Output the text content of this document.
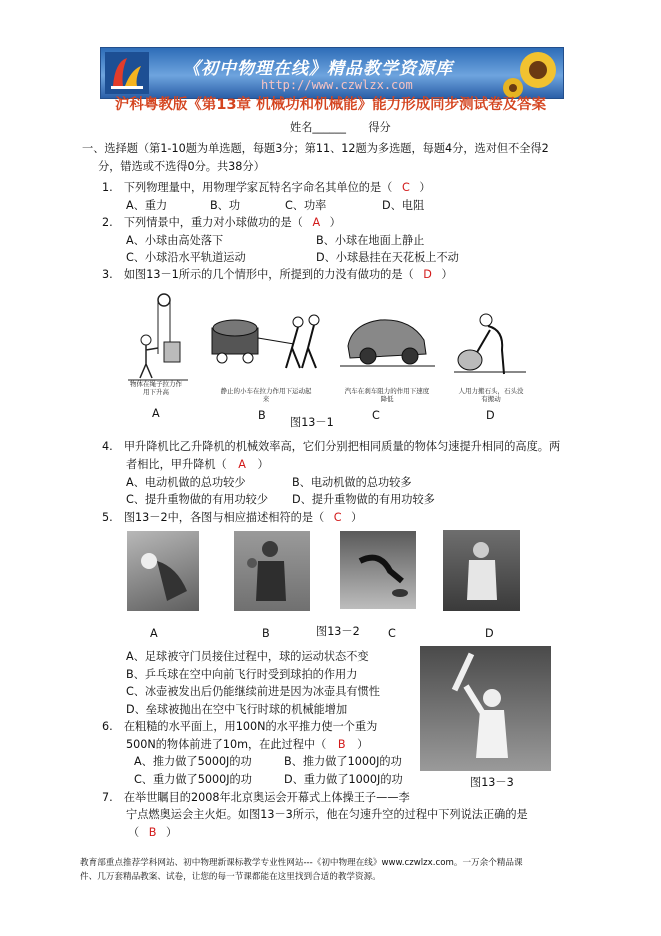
《初中物理在线》精品教学资源库
http://www.czwlzx.com
沪科粤教版《第13章 机械功和机械能》能力形成同步测试卷及答案
姓名______　　得分
一、选择题（第1-10题为单选题，每题3分；第11、12题为多选题，每题4分，选对但不全得2
分，错选或不选得0分。共38分）
1.　下列物理量中，用物理学家瓦特名字命名其单位的是（ C ）
A、重力	B、功	C、功率	D、电阻
2.　下列情景中，重力对小球做功的是（ A ）
A、小球由高处落下	B、小球在地面上静止
C、小球沿水平轨道运动	D、小球悬挂在天花板上不动
3.　如图13－1所示的几个情形中，所提到的力没有做功的是（ D ）
物体在绳子拉力作用下升高	静止的小车在拉力作用下运动起来
汽车在刹车阻力的作用下速度降低
人用力搬石头，石头没有搬动
A	B
图13－1
C	D
4.　甲升降机比乙升降机的机械效率高，它们分别把相同质量的物体匀速提升相同的高度。两
者相比，甲升降机（ A ）
A、电动机做的总功较少	B、电动机做的总功较多
C、提升重物做的有用功较少 D、提升重物做的有用功较多
5.　图13－2中，各图与相应描述相符的是（ C ）
A	B	图13－2	C	D
A、足球被守门员接住过程中，球的运动状态不变
B、乒乓球在空中向前飞行时受到球拍的作用力
C、冰壶被发出后仍能继续前进是因为冰壶具有惯性
D、垒球被抛出在空中飞行时球的机械能增加
图13－3
6.　在粗糙的水平面上，用100N的水平推力使一个重为
500N的物体前进了10m，在此过程中（ B ）
A、推力做了5000J的功	B、推力做了1000J的功
C、重力做了5000J的功	D、重力做了1000J的功
7.　在举世瞩目的2008年北京奥运会开幕式上体操王子——李
宁点燃奥运会主火炬。如图13－3所示，他在匀速升空的过程中下列说法正确的是
（ B ）
教育部重点推荐学科网站、初中物理新课标教学专业性网站---《初中物理在线》www.czwlzx.com。一万余个精品课
件、几万套精品教案、试卷，让您的每一节课都能在这里找到合适的教学资源。
